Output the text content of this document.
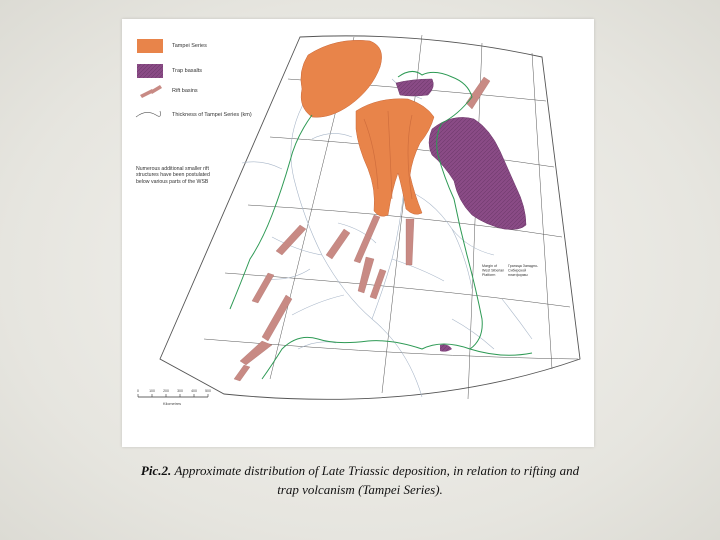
Margin of West Siberian Platform
Граница Западно-Сибирской платформы
0	100 200 300 400 500
Kilometres
Tampei Series
Trap basalts
Rift basins
Thickness of Tampei Series (km)
Numerous additional smaller rift
structures have been postulated
below various parts of the WSB
Pic.2. Approximate distribution of Late Triassic deposition, in relation to rifting and
trap volcanism (Tampei Series).
